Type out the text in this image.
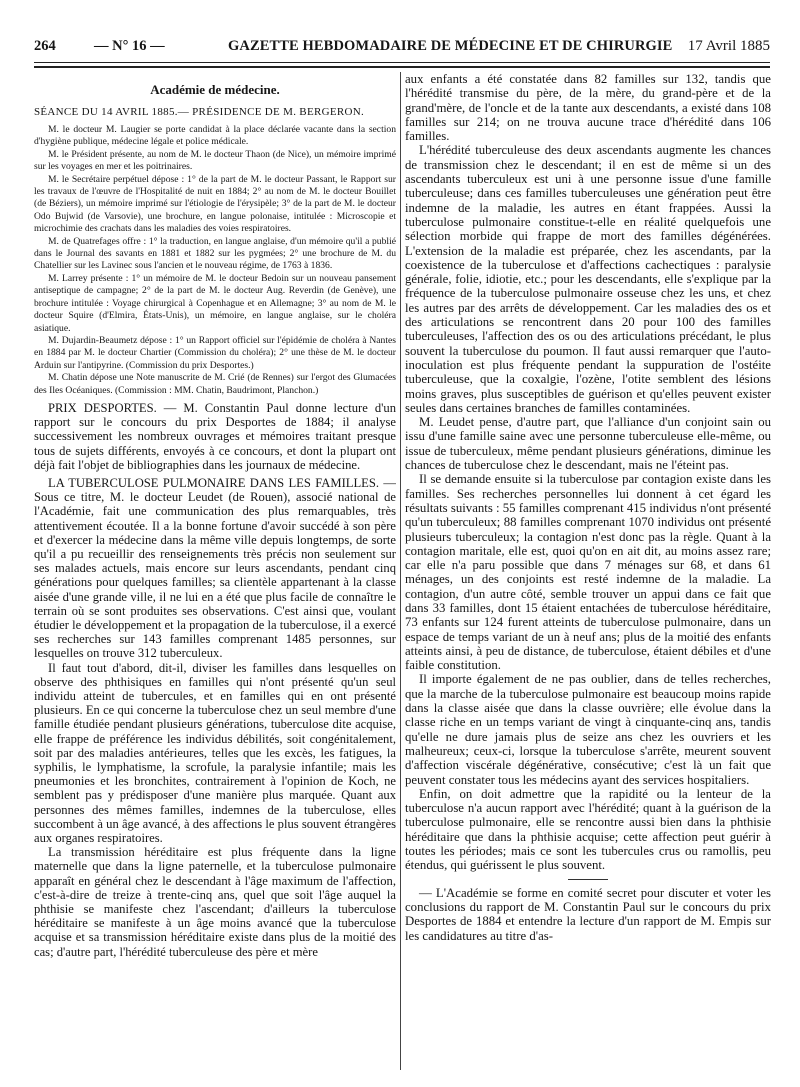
264	— N° 16 —	GAZETTE HEBDOMADAIRE DE MÉDECINE ET DE CHIRURGIE 17 Avril 1885
Académie de médecine.
SÉANCE DU 14 AVRIL 1885.— PRÉSIDENCE DE M. BERGERON.

M. le docteur M. Laugier se porte candidat à la place déclarée vacante dans la section d'hygiène publique, médecine légale et police médicale.

M. le Président présente, au nom de M. le docteur Thaon (de Nice), un mémoire imprimé sur les voyages en mer et les poitrinaires.

M. le Secrétaire perpétuel dépose : 1° de la part de M. le docteur Passant, le Rapport sur les travaux de l'œuvre de l'Hospitalité de nuit en 1884; 2° au nom de M. le docteur Bouillet (de Béziers), un mémoire imprimé sur l'étiologie de l'érysipèle; 3° de la part de M. le docteur Odo Bujwid (de Varsovie), une brochure, en langue polonaise, intitulée : Microscopie et microchimie des crachats dans les maladies des voies respiratoires.

M. de Quatrefages offre : 1° la traduction, en langue anglaise, d'un mémoire qu'il a publié dans le Journal des savants en 1881 et 1882 sur les pygmées; 2° une brochure de M. du Chatellier sur les Lavinec sous l'ancien et le nouveau régime, de 1763 à 1836.

M. Larrey présente : 1° un mémoire de M. le docteur Bedoin sur un nouveau pansement antiseptique de campagne; 2° de la part de M. le docteur Aug. Reverdin (de Genève), une brochure intitulée : Voyage chirurgical à Copenhague et en Allemagne; 3° au nom de M. le docteur Squire (d'Elmira, États-Unis), un mémoire, en langue anglaise, sur le choléra asiatique.

M. Dujardin-Beaumetz dépose : 1° un Rapport officiel sur l'épidémie de choléra à Nantes en 1884 par M. le docteur Chartier (Commission du choléra); 2° une thèse de M. le docteur Arduin sur l'antipyrine. (Commission du prix Desportes.)

M. Chatin dépose une Note manuscrite de M. Crié (de Rennes) sur l'ergot des Glumacées des Iles Océaniques. (Commission : MM. Chatin, Baudrimont, Planchon.)

PRIX DESPORTES. — M. Constantin Paul donne lecture d'un rapport sur le concours du prix Desportes de 1884; il analyse successivement les nombreux ouvrages et mémoires traitant presque tous de sujets différents, envoyés à ce concours, et dont la plupart ont déjà fait l'objet de bibliographies dans les journaux de médecine.

LA TUBERCULOSE PULMONAIRE DANS LES FAMILLES. — Sous ce titre, M. le docteur Leudet (de Rouen), associé national de l'Académie, fait une communication des plus remarquables, très attentivement écoutée. Il a la bonne fortune d'avoir succédé à son père et d'exercer la médecine dans la même ville depuis longtemps, de sorte qu'il a pu recueillir des renseignements très précis non seulement sur ses malades actuels, mais encore sur leurs ascendants, pendant cinq générations pour quelques familles; sa clientèle appartenant à la classe aisée d'une grande ville, il ne lui en a été que plus facile de connaître le terrain où se sont produites ses observations. C'est ainsi que, voulant étudier le développement et la propagation de la tuberculose, il a exercé ses recherches sur 143 familles comprenant 1485 personnes, sur lesquelles on trouve 312 tuberculeux.

Il faut tout d'abord, dit-il, diviser les familles dans lesquelles on observe des phthisiques en familles qui n'ont présenté qu'un seul individu atteint de tubercules, et en familles qui en ont présenté plusieurs. En ce qui concerne la tuberculose chez un seul membre d'une famille étudiée pendant plusieurs générations, tuberculose dite acquise, elle frappe de préférence les individus débilités, soit congénitalement, soit par des maladies antérieures, telles que les excès, les fatigues, la syphilis, le lymphatisme, la scrofule, la paralysie infantile; mais les pneumonies et les bronchites, contrairement à l'opinion de Koch, ne semblent pas y prédisposer d'une manière plus marquée. Quant aux personnes des mêmes familles, indemnes de la tuberculose, elles succombent à un âge avancé, à des affections le plus souvent étrangères aux organes respiratoires.

La transmission héréditaire est plus fréquente dans la ligne maternelle que dans la ligne paternelle, et la tuberculose pulmonaire apparaît en général chez le descendant à l'âge maximum de l'affection, c'est-à-dire de treize à trente-cinq ans, quel que soit l'âge auquel la phthisie se manifeste chez l'ascendant; d'ailleurs la tuberculose héréditaire se manifeste à un âge moins avancé que la tuberculose acquise et sa transmission héréditaire existe dans plus de la moitié des cas; d'autre part, l'hérédité tuberculeuse des père et mère

aux enfants a été constatée dans 82 familles sur 132, tandis que l'hérédité transmise du père, de la mère, du grand-père et de la grand'mère, de l'oncle et de la tante aux descendants, a existé dans 108 familles sur 214; on ne trouva aucune trace d'hérédité dans 106 familles.

L'hérédité tuberculeuse des deux ascendants augmente les chances de transmission chez le descendant; il en est de même si un des ascendants tuberculeux est uni à une personne issue d'une famille tuberculeuse; dans ces familles tuberculeuses une génération peut être indemne de la maladie, les autres en étant frappées. Aussi la tuberculose pulmonaire constitue-t-elle en réalité quelquefois une sélection morbide qui frappe de mort des familles dégénérées. L'extension de la maladie est préparée, chez les ascendants, par la coexistence de la tuberculose et d'affections cachectiques : paralysie générale, folie, idiotie, etc.; pour les descendants, elle s'explique par la fréquence de la tuberculose pulmonaire osseuse chez les uns, et chez les autres par des arrêts de développement. Car les maladies des os et des articulations se rencontrent dans 20 pour 100 des familles tuberculeuses, l'affection des os ou des articulations précédant, le plus souvent la tuberculose du poumon. Il faut aussi remarquer que l'auto-inoculation est plus fréquente pendant la suppuration de l'ostéite tuberculeuse, que la coxalgie, l'ozène, l'otite semblent des lésions moins graves, plus susceptibles de guérison et qu'elles peuvent exister seules dans certaines branches de familles contaminées.

M. Leudet pense, d'autre part, que l'alliance d'un conjoint sain ou issu d'une famille saine avec une personne tuberculeuse elle-même, ou issue de tuberculeux, même pendant plusieurs générations, diminue les chances de tuberculose chez le descendant, mais ne l'éteint pas.

Il se demande ensuite si la tuberculose par contagion existe dans les familles. Ses recherches personnelles lui donnent à cet égard les résultats suivants : 55 familles comprenant 415 individus n'ont présenté qu'un tuberculeux; 88 familles comprenant 1070 individus ont présenté plusieurs tuberculeux; la contagion n'est donc pas la règle. Quant à la contagion maritale, elle est, quoi qu'on en ait dit, au moins assez rare; car elle n'a paru possible que dans 7 ménages sur 68, et dans 61 ménages, un des conjoints est resté indemne de la maladie. La contagion, d'un autre côté, semble trouver un appui dans ce fait que dans 33 familles, dont 15 étaient entachées de tuberculose héréditaire, 73 enfants sur 124 furent atteints de tuberculose pulmonaire, dans un espace de temps variant de un à neuf ans; plus de la moitié des enfants atteints ainsi, à peu de distance, de tuberculose, étaient débiles et d'une faible constitution.

Il importe également de ne pas oublier, dans de telles recherches, que la marche de la tuberculose pulmonaire est beaucoup moins rapide dans la classe aisée que dans la classe ouvrière; elle évolue dans la classe riche en un temps variant de vingt à cinquante-cinq ans, tandis qu'elle ne dure jamais plus de seize ans chez les ouvriers et les malheureux; ceux-ci, lorsque la tuberculose s'arrête, meurent souvent d'affection viscérale dégénérative, consécutive; c'est là un fait que peuvent constater tous les médecins ayant des services hospitaliers.

Enfin, on doit admettre que la rapidité ou la lenteur de la tuberculose n'a aucun rapport avec l'hérédité; quant à la guérison de la tuberculose pulmonaire, elle se rencontre aussi bien dans la phthisie héréditaire que dans la phthisie acquise; cette affection peut guérir à toutes les périodes; mais ce sont les tubercules crus ou ramollis, peu étendus, qui guérissent le plus souvent.

— L'Académie se forme en comité secret pour discuter et voter les conclusions du rapport de M. Constantin Paul sur le concours du prix Desportes de 1884 et entendre la lecture d'un rapport de M. Empis sur les candidatures au titre d'as-
